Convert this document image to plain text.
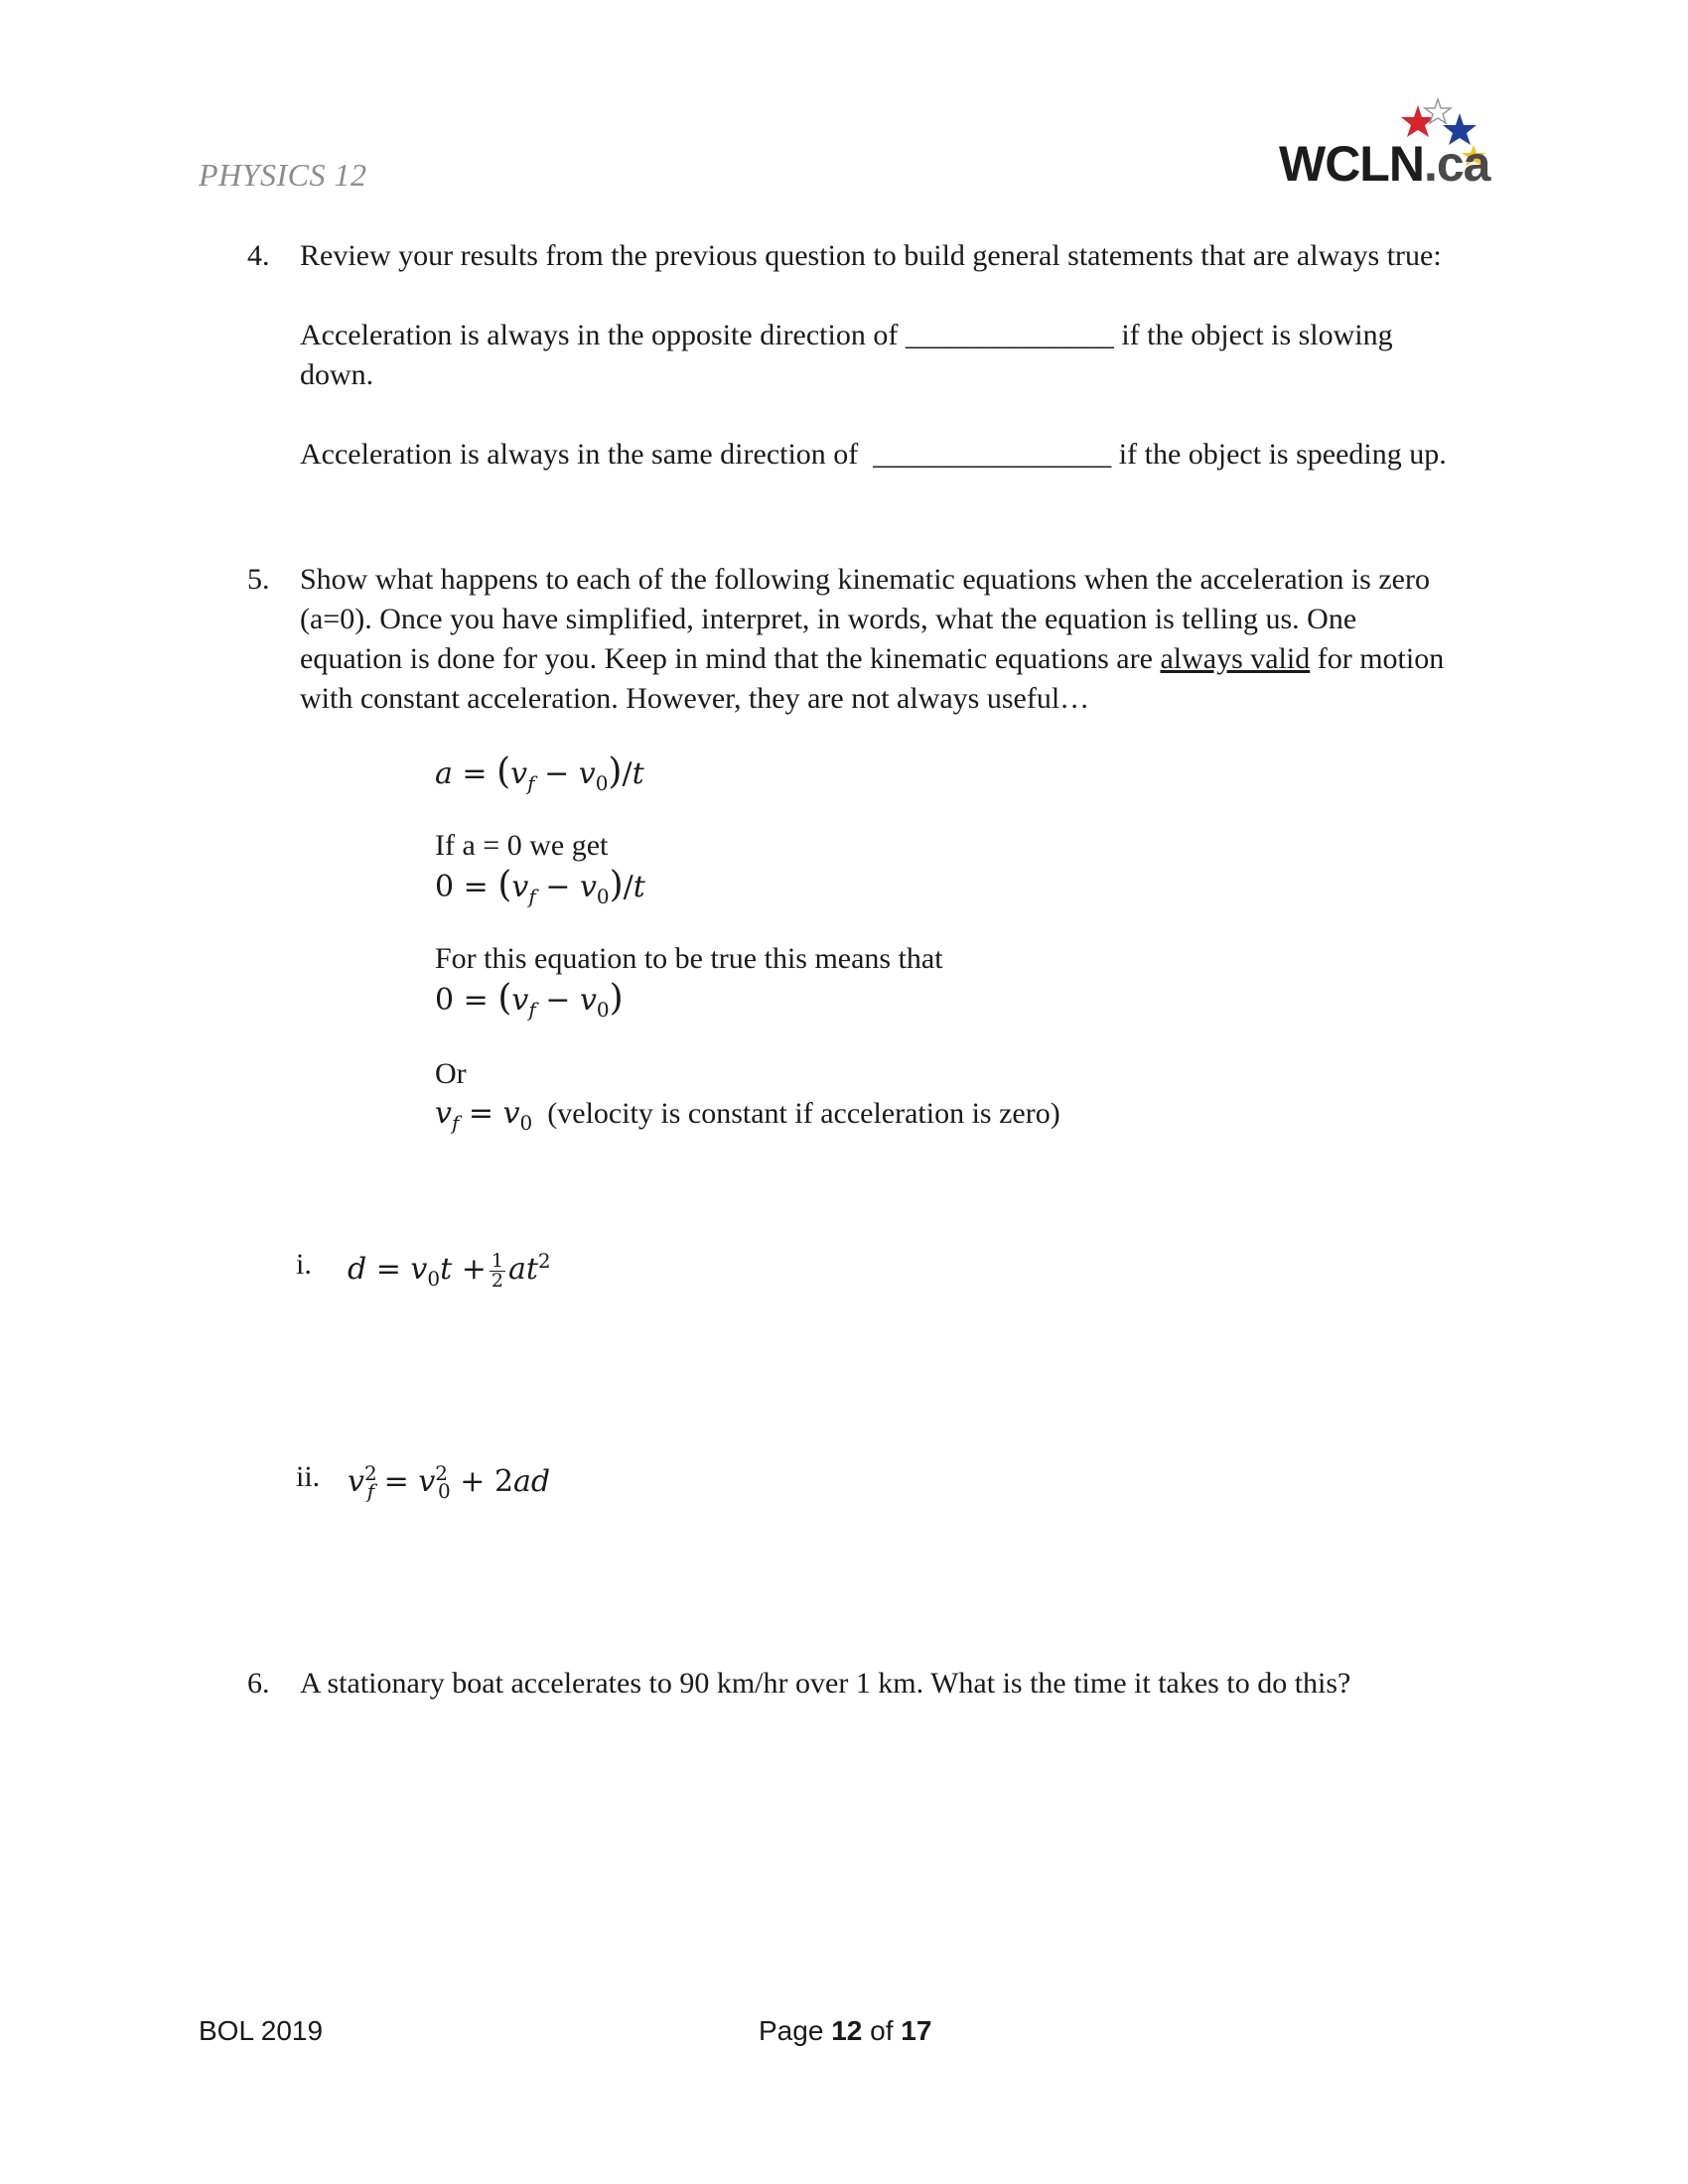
PHYSICS 12	WCLN.ca
4. Review your results from the previous question to build general statements that are always true:
Acceleration is always in the opposite direction of ______________ if the object is slowing
down.
Acceleration is always in the same direction of ________________ if the object is speeding up.
5. Show what happens to each of the following kinematic equations when the acceleration is zero
(a=0). Once you have simplified, interpret, in words, what the equation is telling us. One
equation is done for you. Keep in mind that the kinematic equations are always valid for motion
with constant acceleration. However, they are not always useful…
$a = (v_f - v_0)/t$
If a = 0 we get
$0 = (v_f - v_0)/t$
For this equation to be true this means that
$0 = (v_f - v_0)$
Or
$v_f = v_0$ (velocity is constant if acceleration is zero)
i. $d = v_0t + \frac{1}{2} at^2$
ii. $v^2_f = v^2_0 + 2ad$
6. A stationary boat accelerates to 90 km/hr over 1 km. What is the time it takes to do this?
BOL 2019	Page 12 of 17
